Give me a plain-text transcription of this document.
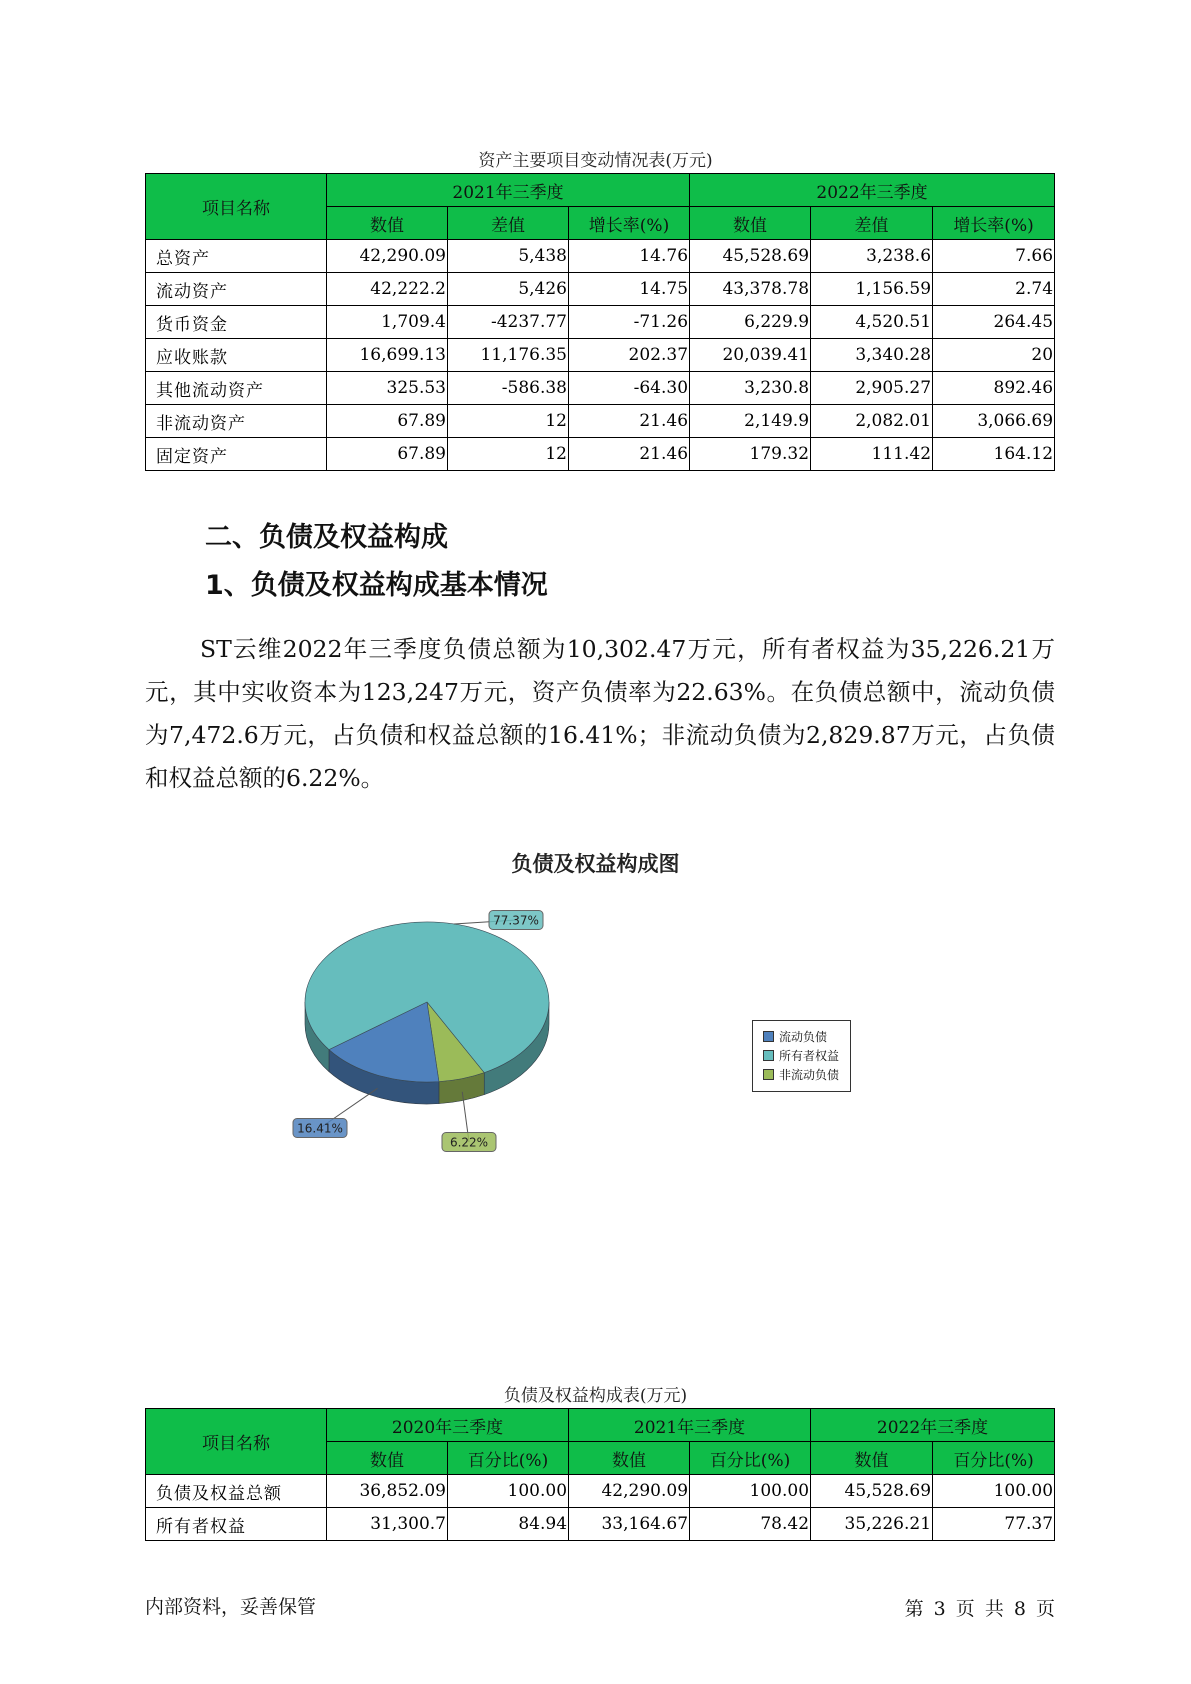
资产主要项目变动情况表(万元)
项目名称	2021年三季度			2022年三季度		
	数值	差值	增长率(%)	数值	差值	增长率(%)
总资产	42,290.09	5,438	14.76	45,528.69	3,238.6	7.66
流动资产	42,222.2	5,426	14.75	43,378.78	1,156.59	2.74
货币资金	1,709.4	-4237.77	-71.26	6,229.9	4,520.51	264.45
应收账款	16,699.13	11,176.35	202.37	20,039.41	3,340.28	20
其他流动资产	325.53	-586.38	-64.30	3,230.8	2,905.27	892.46
非流动资产	67.89	12	21.46	2,149.9	2,082.01	3,066.69
固定资产	67.89	12	21.46	179.32	111.42	164.12
二、负债及权益构成
1、负债及权益构成基本情况
ST云维2022年三季度负债总额为10,302.47万元，所有者权益为35,226.21万元，其中实收资本为123,247万元，资产负债率为22.63%。在负债总额中，流动负债为7,472.6万元，占负债和权益总额的16.41%；非流动负债为2,829.87万元，占负债和权益总额的6.22%。
负债及权益构成图
6.22%
16.41%
77.37%
流动负债
所有者权益
非流动负债
负债及权益构成表(万元)
项目名称	2020年三季度		2021年三季度		2022年三季度	
	数值	百分比(%)	数值	百分比(%)	数值	百分比(%)
负债及权益总额	36,852.09	100.00	42,290.09	100.00	45,528.69	100.00
所有者权益	31,300.7	84.94	33,164.67	78.42	35,226.21	77.37
内部资料，妥善保管	第 3 页 共 8 页
